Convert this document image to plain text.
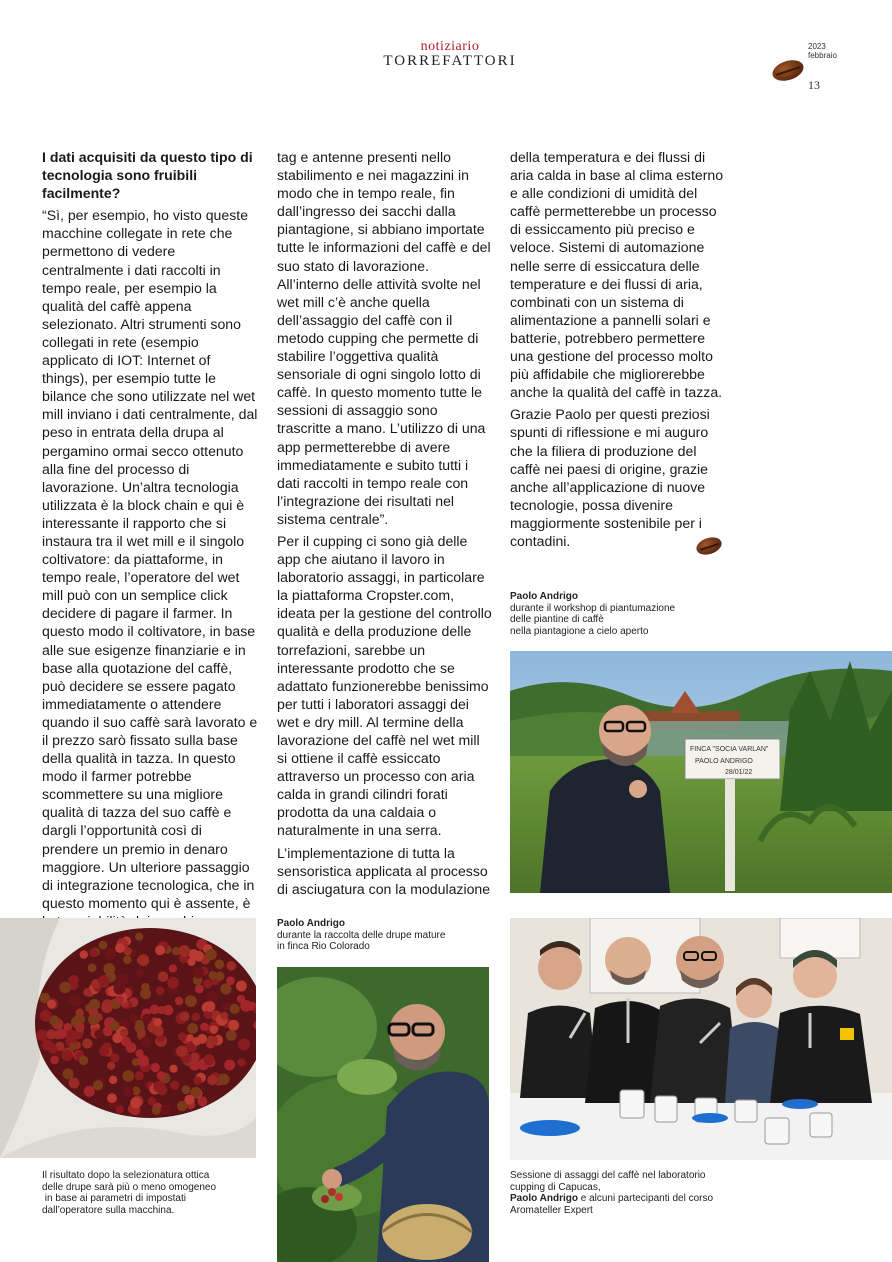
notiziario
TORREFATTORI
2023
febbraio
13

I dati acquisiti da questo tipo di tecnologia sono fruibili facilmente?

“Sì, per esempio, ho visto queste macchine collegate in rete che permettono di vedere centralmente i dati raccolti in tempo reale, per esempio la qualità del caffè appena selezionato. Altri strumenti sono collegati in rete (esempio applicato di IOT: Internet of things), per esempio tutte le bilance che sono utilizzate nel wet mill inviano i dati centralmente, dal peso in entrata della drupa al pergamino ormai secco ottenuto alla fine del processo di lavorazione. Un’altra tecnologia utilizzata è la block chain e qui è interessante il rapporto che si instaura tra il wet mill e il singolo coltivatore: da piattaforme, in tempo reale, l’operatore del wet mill può con un semplice click decidere di pagare il farmer. In questo modo il coltivatore, in base alle sue esigenze finanziarie e in base alla quotazione del caffè, può decidere se essere pagato immediatamente o attendere quando il suo caffè sarà lavorato e il prezzo sarò fissato sulla base della qualità in tazza. In questo modo il farmer potrebbe scommettere su una migliore qualità di tazza del suo caffè e dargli l’opportunità così di prendere un premio in denaro maggiore. Un ulteriore passaggio di integrazione tecnologica, che in questo momento qui è assente, è

tag e antenne presenti nello stabilimento e nei magazzini in modo che in tempo reale, fin dall’ingresso dei sacchi dalla piantagione, si abbiano importate tutte le informazioni del caffè e del suo stato di lavorazione. All’interno delle attività svolte nel wet mill c’è anche quella dell’assaggio del caffè con il metodo cupping che permette di stabilire l’oggettiva qualità sensoriale di ogni singolo lotto di caffè. In questo momento tutte le sessioni di assaggio sono trascritte a mano. L’utilizzo di una app permetterebbe di avere immediatamente e subito tutti i dati raccolti in tempo reale con l’integrazione dei risultati nel sistema centrale”.

Per il cupping ci sono già delle app che aiutano il lavoro in laboratorio assaggi, in particolare la piattaforma Cropster.com, ideata per la gestione del controllo qualità e della produzione delle torrefazioni, sarebbe un interessante prodotto che se adattato funzionerebbe benissimo per tutti i laboratori assaggi dei wet e dry mill. Al termine della lavorazione del caffè nel wet mill si ottiene il caffè essiccato attraverso un processo con aria calda in grandi cilindri forati prodotta da una caldaia o naturalmente in una serra.

L’implementazione di tutta la sensoristica applicata al processo di asciugatura con la modulazione

della temperatura e dei flussi di aria calda in base al clima esterno e alle condizioni di umidità del caffè permetterebbe un processo di essiccamento più preciso e veloce. Sistemi di automazione nelle serre di essiccatura delle temperature e dei flussi di aria, combinati con un sistema di alimentazione a pannelli solari e batterie, potrebbero permettere una gestione del processo molto più affidabile che migliorerebbe anche la qualità del caffè in tazza.

Grazie Paolo per questi preziosi spunti di riflessione e mi auguro che la filiera di produzione del caffè nei paesi di origine, grazie anche all’applicazione di nuove tecnologie, possa divenire maggiormente sostenibile per i contadini.

Paolo Andrigo
durante il workshop di piantumazione
delle piantine di caffè
nella piantagione a cielo aperto
FINCA "SOCIA VARLAN"
PAOLO ANDRIGO
28/01/22
Paolo Andrigo
durante la raccolta delle drupe mature
in finca Rio Colorado
Il risultato dopo la selezionatura ottica
delle drupe sarà più o meno omogeneo
in base ai parametri di impostati
dall’operatore sulla macchina.
Sessione di assaggi del caffè nel laboratorio
cupping di Capucas,
Paolo Andrigo e alcuni partecipanti del corso
Aromateller Expert
